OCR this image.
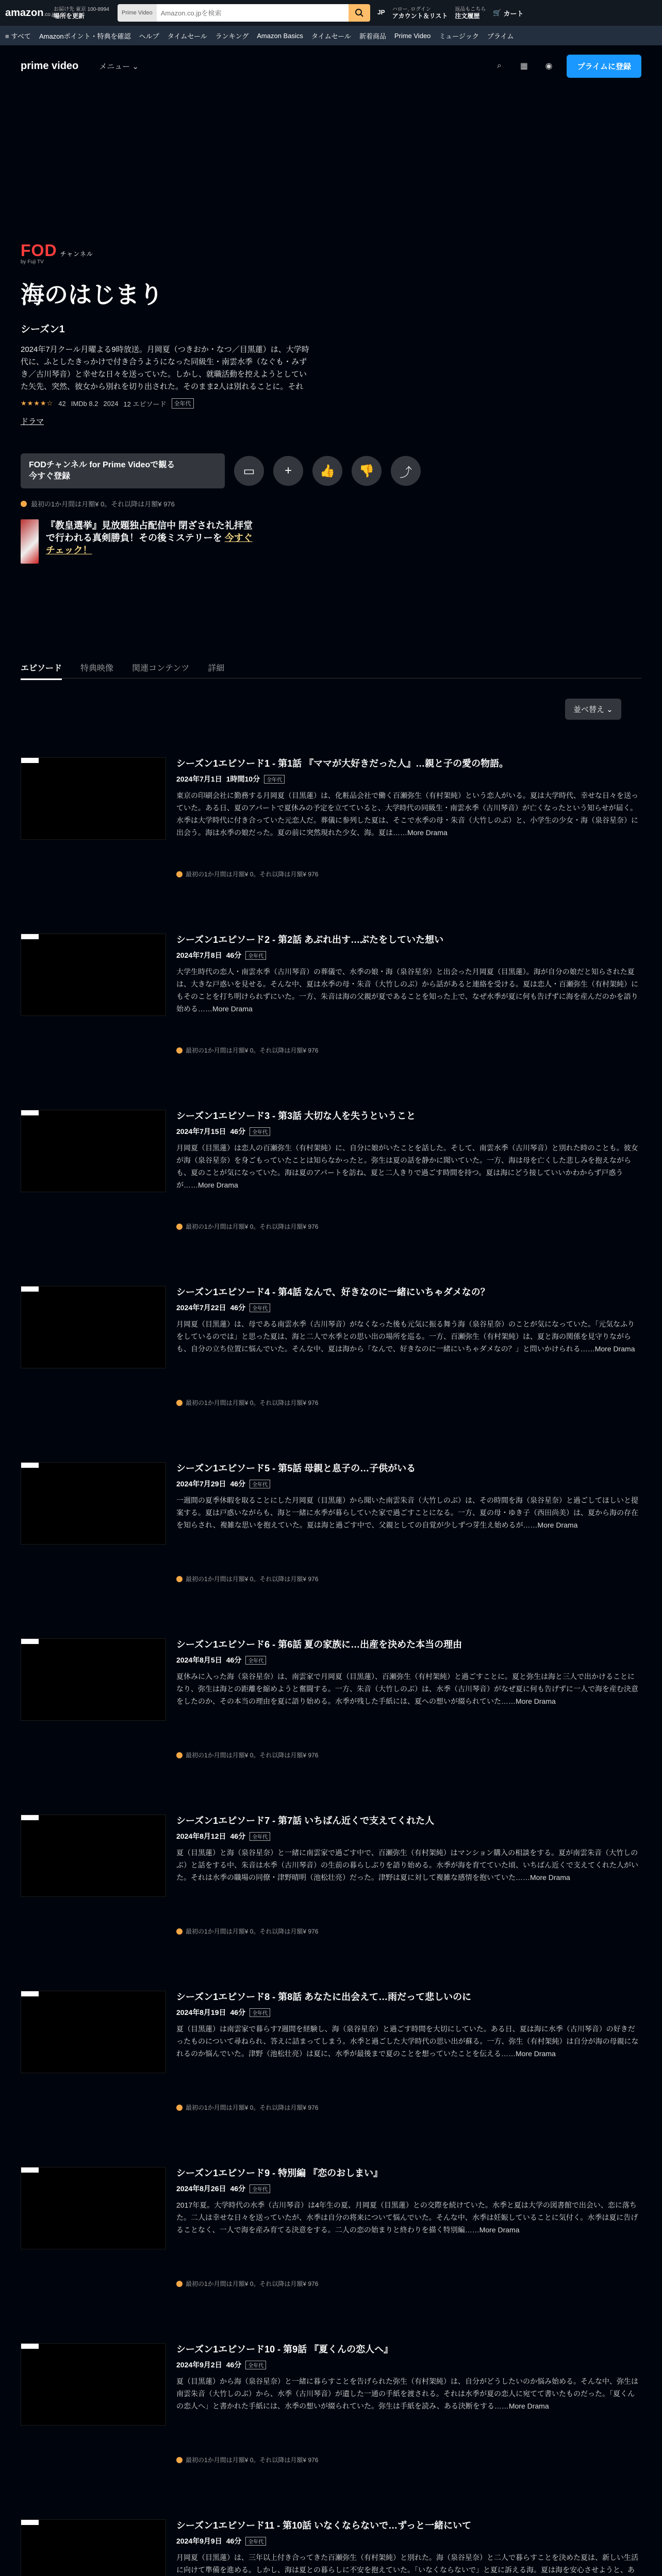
amazon.co.jp
お届け先 東京 100-8994
場所を更新	Prime Video
Amazon.co.jpを検索	JP ハロー, ログイン
アカウント＆リスト
返品もこちら
注文履歴	🛒 カート
≡ すべて Amazonポイント・特典を確認 ヘルプ タイムセール ランキング Amazon Basics タイムセール 新着商品 Prime Video ミュージック プライム
prime video	メニュー ⌄	⌕	▦	◉	プライムに登録
FOD チャンネル
by Fuji TV
海のはじまり
シーズン1
2024年7月クール月曜よる9時放送。月岡夏（つきおか・なつ／目黒蓮）は、大学時代に、ふとしたきっかけで付き合うようになった同級生・南雲水季（なぐも・みずき／古川琴音）と幸せな日々を送っていた。しかし、就職活動を控えようとしていた矢先、突然、彼女から別れを切り出された。そのまま2人は別れることに。それ
★★★★☆ 42 IMDb 8.2 2024 12 エピソード	全年代
ドラマ
FODチャンネル for Prime Videoで観る
今すぐ登録	▭ + 👍 👎 ⤴
最初の1か月間は月額¥ 0。それ以降は月額¥ 976
『教皇選挙』見放題独占配信中 閉ざされた礼拝堂で行われる真剣勝負！その後ミステリーを 今すぐチェック！
エピソード 特典映像 関連コンテンツ 詳細
並べ替え ⌄
シーズン1エピソード1 - 第1話 『ママが大好きだった人』…親と子の愛の物語。
2024年7月1日 1時間10分	全年代
東京の印刷会社に勤務する月岡夏（目黒蓮）は、化粧品会社で働く百瀬弥生（有村架純）という恋人がいる。夏は大学時代、幸せな日々を送っていた。ある日、夏のアパートで夏休みの予定を立てていると、大学時代の同級生・南雲水季（古川琴音）が亡くなったという知らせが届く。水季は大学時代に付き合っていた元恋人だ。葬儀に参列した夏は、そこで水季の母・朱音（大竹しのぶ）と、小学生の少女・海（泉谷星奈）に出会う。海は水季の娘だった。夏の前に突然現れた少女、海。夏は……More Drama
最初の1か月間は月額¥ 0。それ以降は月額¥ 976
シーズン1エピソード2 - 第2話 あぶれ出す…ぶたをしていた想い
2024年7月8日 46分	全年代
大学生時代の恋人・南雲水季（古川琴音）の葬儀で、水季の娘・海（泉谷星奈）と出会った月岡夏（目黒蓮）。海が自分の娘だと知らされた夏は、大きな戸惑いを見せる。そんな中、夏は水季の母・朱音（大竹しのぶ）から話があると連絡を受ける。夏は恋人・百瀬弥生（有村架純）にもそのことを打ち明けられずにいた。一方、朱音は海の父親が夏であることを知った上で、なぜ水季が夏に何も告げずに海を産んだのかを語り始める……More Drama
最初の1か月間は月額¥ 0。それ以降は月額¥ 976
シーズン1エピソード3 - 第3話 大切な人を失うということ
2024年7月15日 46分	全年代
月岡夏（目黒蓮）は恋人の百瀬弥生（有村架純）に、自分に娘がいたことを話した。そして、南雲水季（古川琴音）と別れた時のことも。彼女が海（泉谷星奈）を身ごもっていたことは知らなかったと。弥生は夏の話を静かに聞いていた。一方、海は母を亡くした悲しみを抱えながらも、夏のことが気になっていた。海は夏のアパートを訪ね、夏と二人きりで過ごす時間を持つ。夏は海にどう接していいかわからず戸惑うが……More Drama
最初の1か月間は月額¥ 0。それ以降は月額¥ 976
シーズン1エピソード4 - 第4話 なんで、好きなのに一緒にいちゃダメなの？
2024年7月22日 46分	全年代
月岡夏（目黒蓮）は、母である南雲水季（古川琴音）がなくなった後も元気に振る舞う海（泉谷星奈）のことが気になっていた。「元気なふりをしているのでは」と思った夏は、海と二人で水季との思い出の場所を巡る。一方、百瀬弥生（有村架純）は、夏と海の関係を見守りながらも、自分の立ち位置に悩んでいた。そんな中、夏は海から「なんで、好きなのに一緒にいちゃダメなの？」と問いかけられる……More Drama
最初の1か月間は月額¥ 0。それ以降は月額¥ 976
シーズン1エピソード5 - 第5話 母親と息子の…子供がいる
2024年7月29日 46分	全年代
一週間の夏季休暇を取ることにした月岡夏（目黒蓮）から聞いた南雲朱音（大竹しのぶ）は、その時間を海（泉谷星奈）と過ごしてほしいと提案する。夏は戸惑いながらも、海と一緒に水季が暮らしていた家で過ごすことになる。一方、夏の母・ゆき子（西田尚美）は、夏から海の存在を知らされ、複雑な思いを抱えていた。夏は海と過ごす中で、父親としての自覚が少しずつ芽生え始めるが……More Drama
最初の1か月間は月額¥ 0。それ以降は月額¥ 976
シーズン1エピソード6 - 第6話 夏の家族に…出産を決めた本当の理由
2024年8月5日 46分	全年代
夏休みに入った海（泉谷星奈）は、南雲家で月岡夏（目黒蓮）、百瀬弥生（有村架純）と過ごすことに。夏と弥生は海と三人で出かけることになり、弥生は海との距離を縮めようと奮闘する。一方、朱音（大竹しのぶ）は、水季（古川琴音）がなぜ夏に何も告げずに一人で海を産む決意をしたのか、その本当の理由を夏に語り始める。水季が残した手紙には、夏への想いが綴られていた……More Drama
最初の1か月間は月額¥ 0。それ以降は月額¥ 976
シーズン1エピソード7 - 第7話 いちばん近くで支えてくれた人
2024年8月12日 46分	全年代
夏（目黒蓮）と海（泉谷星奈）と一緒に南雲家で過ごす中で、百瀬弥生（有村架純）はマンション購入の相談をする。夏が南雲朱音（大竹しのぶ）と話をする中、朱音は水季（古川琴音）の生前の暮らしぶりを語り始める。水季が海を育てていた頃、いちばん近くで支えてくれた人がいた。それは水季の職場の同僚・津野晴明（池松壮亮）だった。津野は夏に対して複雑な感情を抱いていた……More Drama
最初の1か月間は月額¥ 0。それ以降は月額¥ 976
シーズン1エピソード8 - 第8話 あなたに出会えて…雨だって悲しいのに
2024年8月19日 46分	全年代
夏（目黒蓮）は南雲家で暮らす7週間を経験し、海（泉谷星奈）と過ごす時間を大切にしていた。ある日、夏は海に水季（古川琴音）の好きだったものについて尋ねられ、答えに詰まってしまう。水季と過ごした大学時代の思い出が蘇る。一方、弥生（有村架純）は自分が海の母親になれるのか悩んでいた。津野（池松壮亮）は夏に、水季が最後まで夏のことを想っていたことを伝える……More Drama
最初の1か月間は月額¥ 0。それ以降は月額¥ 976
シーズン1エピソード9 - 特別編 『恋のおしまい』
2024年8月26日 46分	全年代
2017年夏。大学時代の水季（古川琴音）は4年生の夏、月岡夏（目黒蓮）との交際を続けていた。水季と夏は大学の図書館で出会い、恋に落ちた。二人は幸せな日々を送っていたが、水季は自分の将来について悩んでいた。そんな中、水季は妊娠していることに気付く。水季は夏に告げることなく、一人で海を産み育てる決意をする。二人の恋の始まりと終わりを描く特別編……More Drama
最初の1か月間は月額¥ 0。それ以降は月額¥ 976
シーズン1エピソード10 - 第9話 『夏くんの恋人へ』
2024年9月2日 46分	全年代
夏（目黒蓮）から海（泉谷星奈）と一緒に暮らすことを告げられた弥生（有村架純）は、自分がどうしたいのか悩み始める。そんな中、弥生は南雲朱音（大竹しのぶ）から、水季（古川琴音）が遺した一通の手紙を渡される。それは水季が夏の恋人に宛てて書いたものだった。「夏くんの恋人へ」と書かれた手紙には、水季の想いが綴られていた。弥生は手紙を読み、ある決断をする……More Drama
最初の1か月間は月額¥ 0。それ以降は月額¥ 976
シーズン1エピソード11 - 第10話 いなくならないで…ずっと一緒にいて
2024年9月9日 46分	全年代
月岡夏（目黒蓮）は、三年以上付き合ってきた百瀬弥生（有村架純）と別れた。海（泉谷星奈）と二人で暮らすことを決めた夏は、新しい生活に向けて準備を進める。しかし、海は夏との暮らしに不安を抱えていた。「いなくならないで」と夏に訴える海。夏は海を安心させようと、あ
